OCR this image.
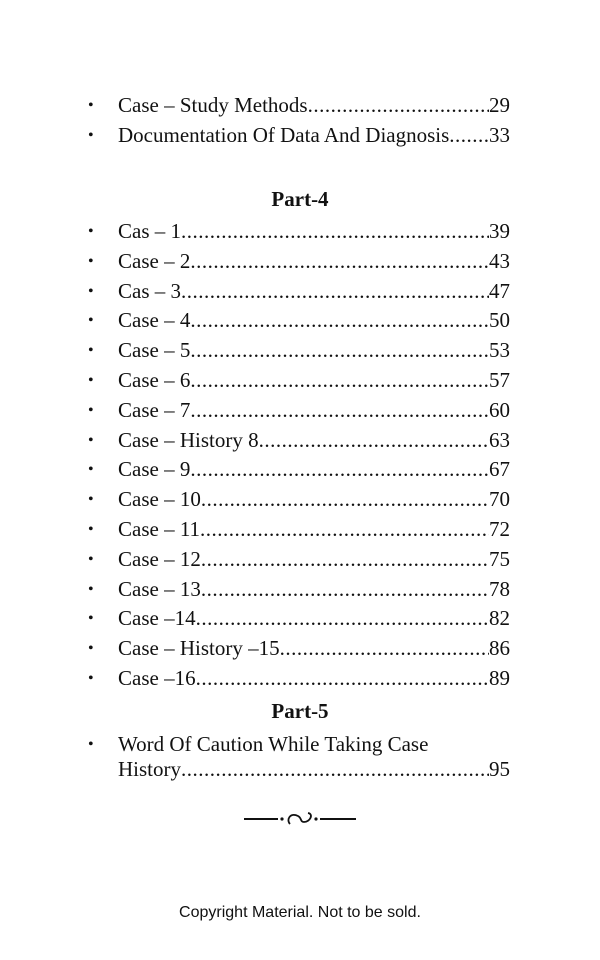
•	Case – Study Methods .....	29
•	Documentation Of Data And Diagnosis ..... 33
Part-4
•	Cas – 1 .....	39
•	Case – 2 .....	43
•	Cas – 3 .....	47
•	Case – 4 .....	50
•	Case – 5 .....	53
•	Case – 6 .....	57
•	Case – 7 .....	60
•	Case – History 8 .....	63
•	Case – 9 .....	67
•	Case – 10 .....	70
•	Case – 11 .....	72
•	Case – 12 .....	75
•	Case – 13 .....	78
•	Case –14 .....	82
•	Case – History –15 .....	86
•	Case –16 .....	89
Part-5
•	Word Of Caution While Taking Case
History .....	95
Copyright Material. Not to be sold.
